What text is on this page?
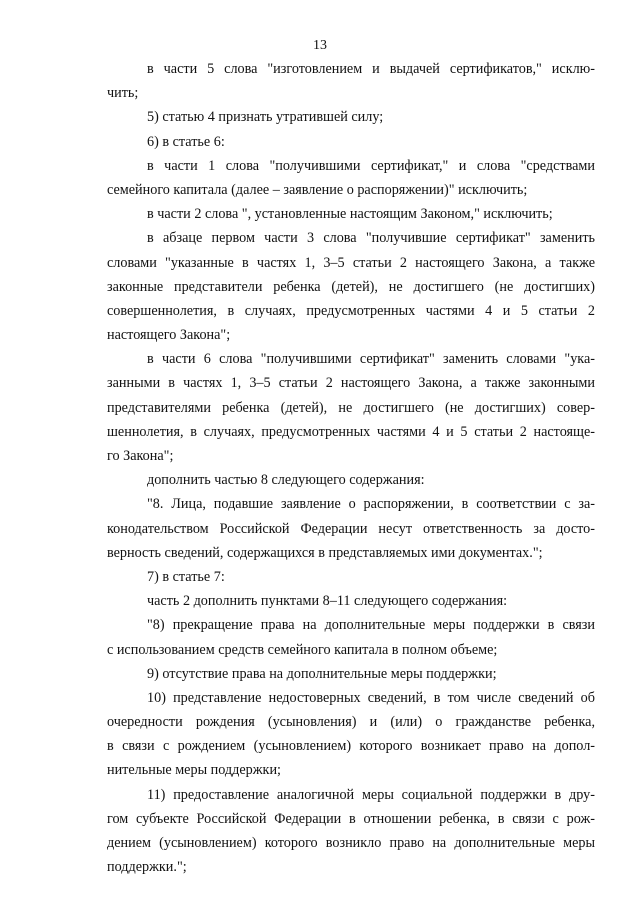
13

в части 5 слова "изготовлением и выдачей сертификатов," исклю-
чить;

5) статью 4 признать утратившей силу;

6) в статье 6:

в части 1 слова "получившими сертификат," и слова "средствами
семейного капитала (далее – заявление о распоряжении)" исключить;

в части 2 слова ", установленные настоящим Законом," исключить;

в абзаце первом части 3 слова "получившие сертификат" заменить
словами "указанные в частях 1, 3–5 статьи 2 настоящего Закона, а также
законные представители ребенка (детей), не достигшего (не достигших)
совершеннолетия, в случаях, предусмотренных частями 4 и 5 статьи 2
настоящего Закона";

в части 6 слова "получившими сертификат" заменить словами "ука-
занными в частях 1, 3–5 статьи 2 настоящего Закона, а также законными
представителями ребенка (детей), не достигшего (не достигших) совер-
шеннолетия, в случаях, предусмотренных частями 4 и 5 статьи 2 настояще-
го Закона";

дополнить частью 8 следующего содержания:

"8. Лица, подавшие заявление о распоряжении, в соответствии с за-
конодательством Российской Федерации несут ответственность за досто-
верность сведений, содержащихся в представляемых ими документах.";

7) в статье 7:

часть 2 дополнить пунктами 8–11 следующего содержания:

"8) прекращение права на дополнительные меры поддержки в связи
с использованием средств семейного капитала в полном объеме;

9) отсутствие права на дополнительные меры поддержки;

10) представление недостоверных сведений, в том числе сведений об
очередности рождения (усыновления) и (или) о гражданстве ребенка,
в связи с рождением (усыновлением) которого возникает право на допол-
нительные меры поддержки;

11) предоставление аналогичной меры социальной поддержки в дру-
гом субъекте Российской Федерации в отношении ребенка, в связи с рож-
дением (усыновлением) которого возникло право на дополнительные меры
поддержки.";
